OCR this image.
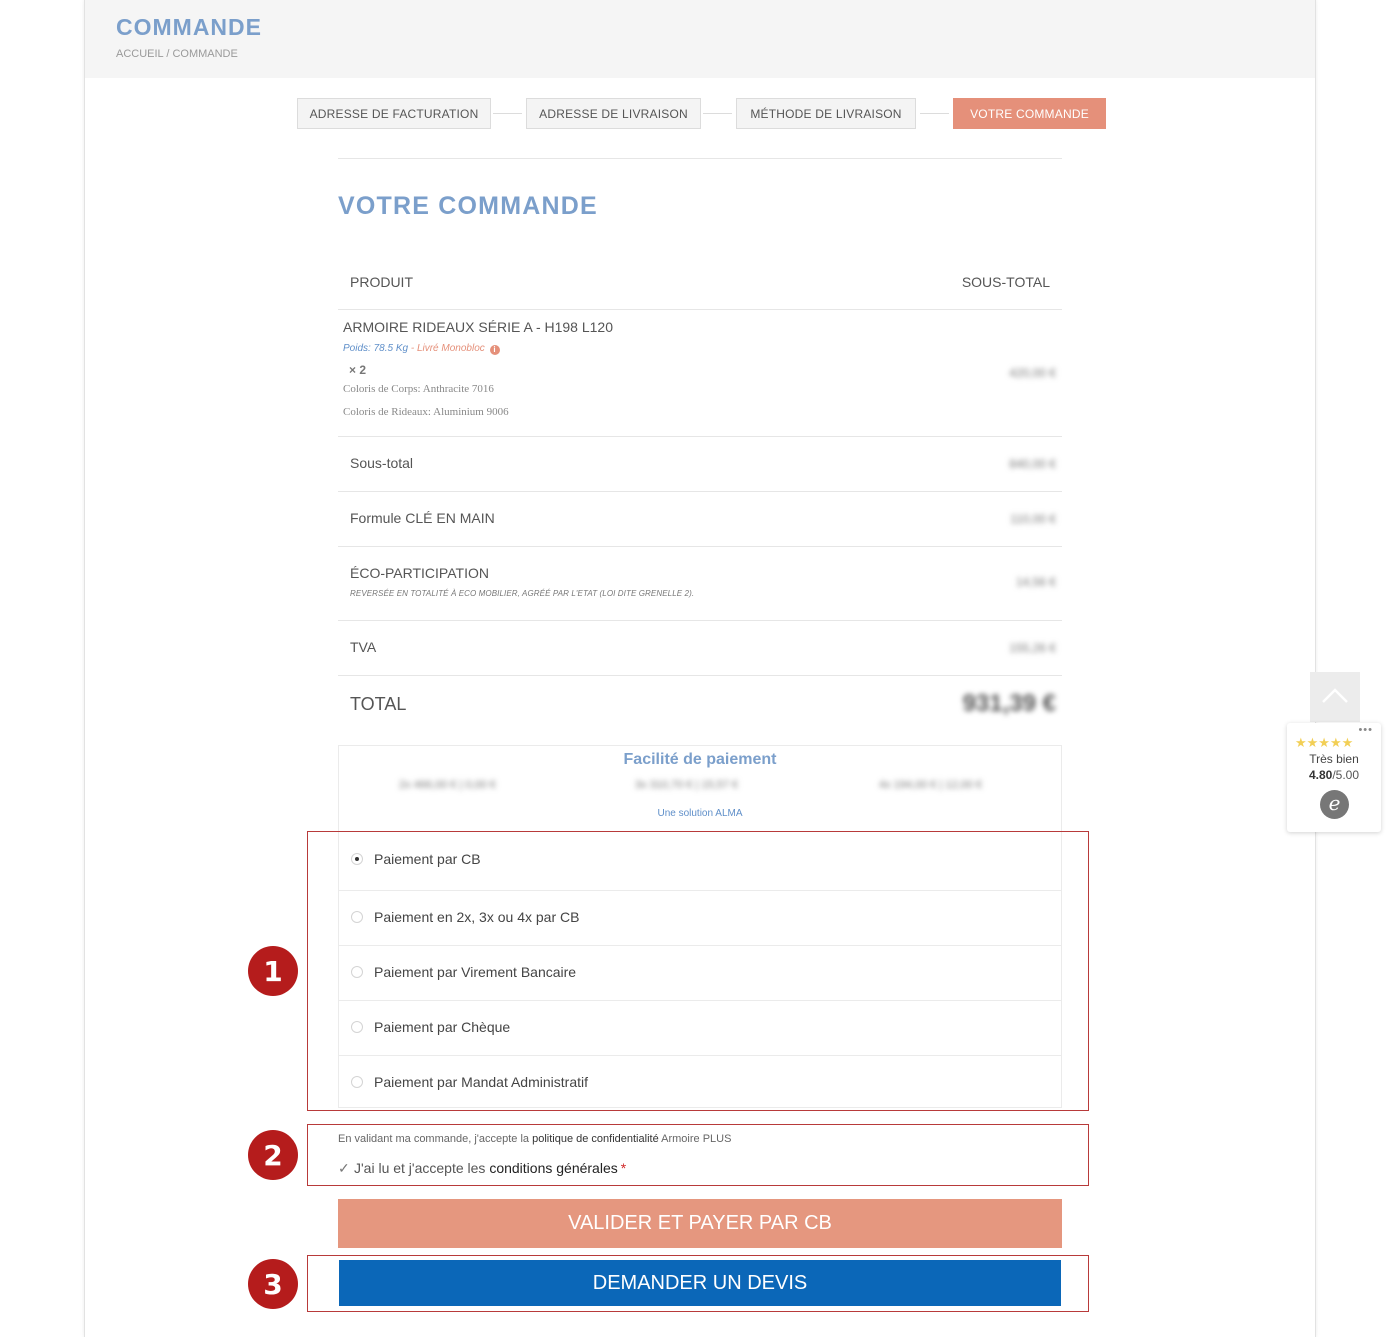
COMMANDE
ACCUEIL / COMMANDE
ADRESSE DE FACTURATION	ADRESSE DE LIVRAISON	MÉTHODE DE LIVRAISON	VOTRE COMMANDE
VOTRE COMMANDE
PRODUIT	SOUS-TOTAL
ARMOIRE RIDEAUX SÉRIE A - H198 L120
Poids: 78.5 Kg - Livré Monobloc i
× 2
Coloris de Corps: Anthracite 7016
Coloris de Rideaux: Aluminium 9006
420,00 €
Sous-total	840,00 €
Formule CLÉ EN MAIN	110,00 €
ÉCO-PARTICIPATION
REVERSÉE EN TOTALITÉ À ECO MOBILIER, AGRÉÉ PAR L'ETAT (LOI DITE GRENELLE 2).
14,56 €
TVA	155,26 €
TOTAL	931,39 €
Facilité de paiement
2x 466,00 € | 0,00 €	3x 310,70 € | 15,57 €	4x 194,00 € | 12,00 €
Une solution ALMA
Paiement par CB
Paiement en 2x, 3x ou 4x par CB
Paiement par Virement Bancaire
Paiement par Chèque
Paiement par Mandat Administratif
En validant ma commande, j'accepte la politique de confidentialité Armoire PLUS
✓ J'ai lu et j'accepte les conditions générales *
VALIDER ET PAYER PAR CB
DEMANDER UN DEVIS
1
2
3
•••
★★★★★
Très bien
4.80/5.00
e
